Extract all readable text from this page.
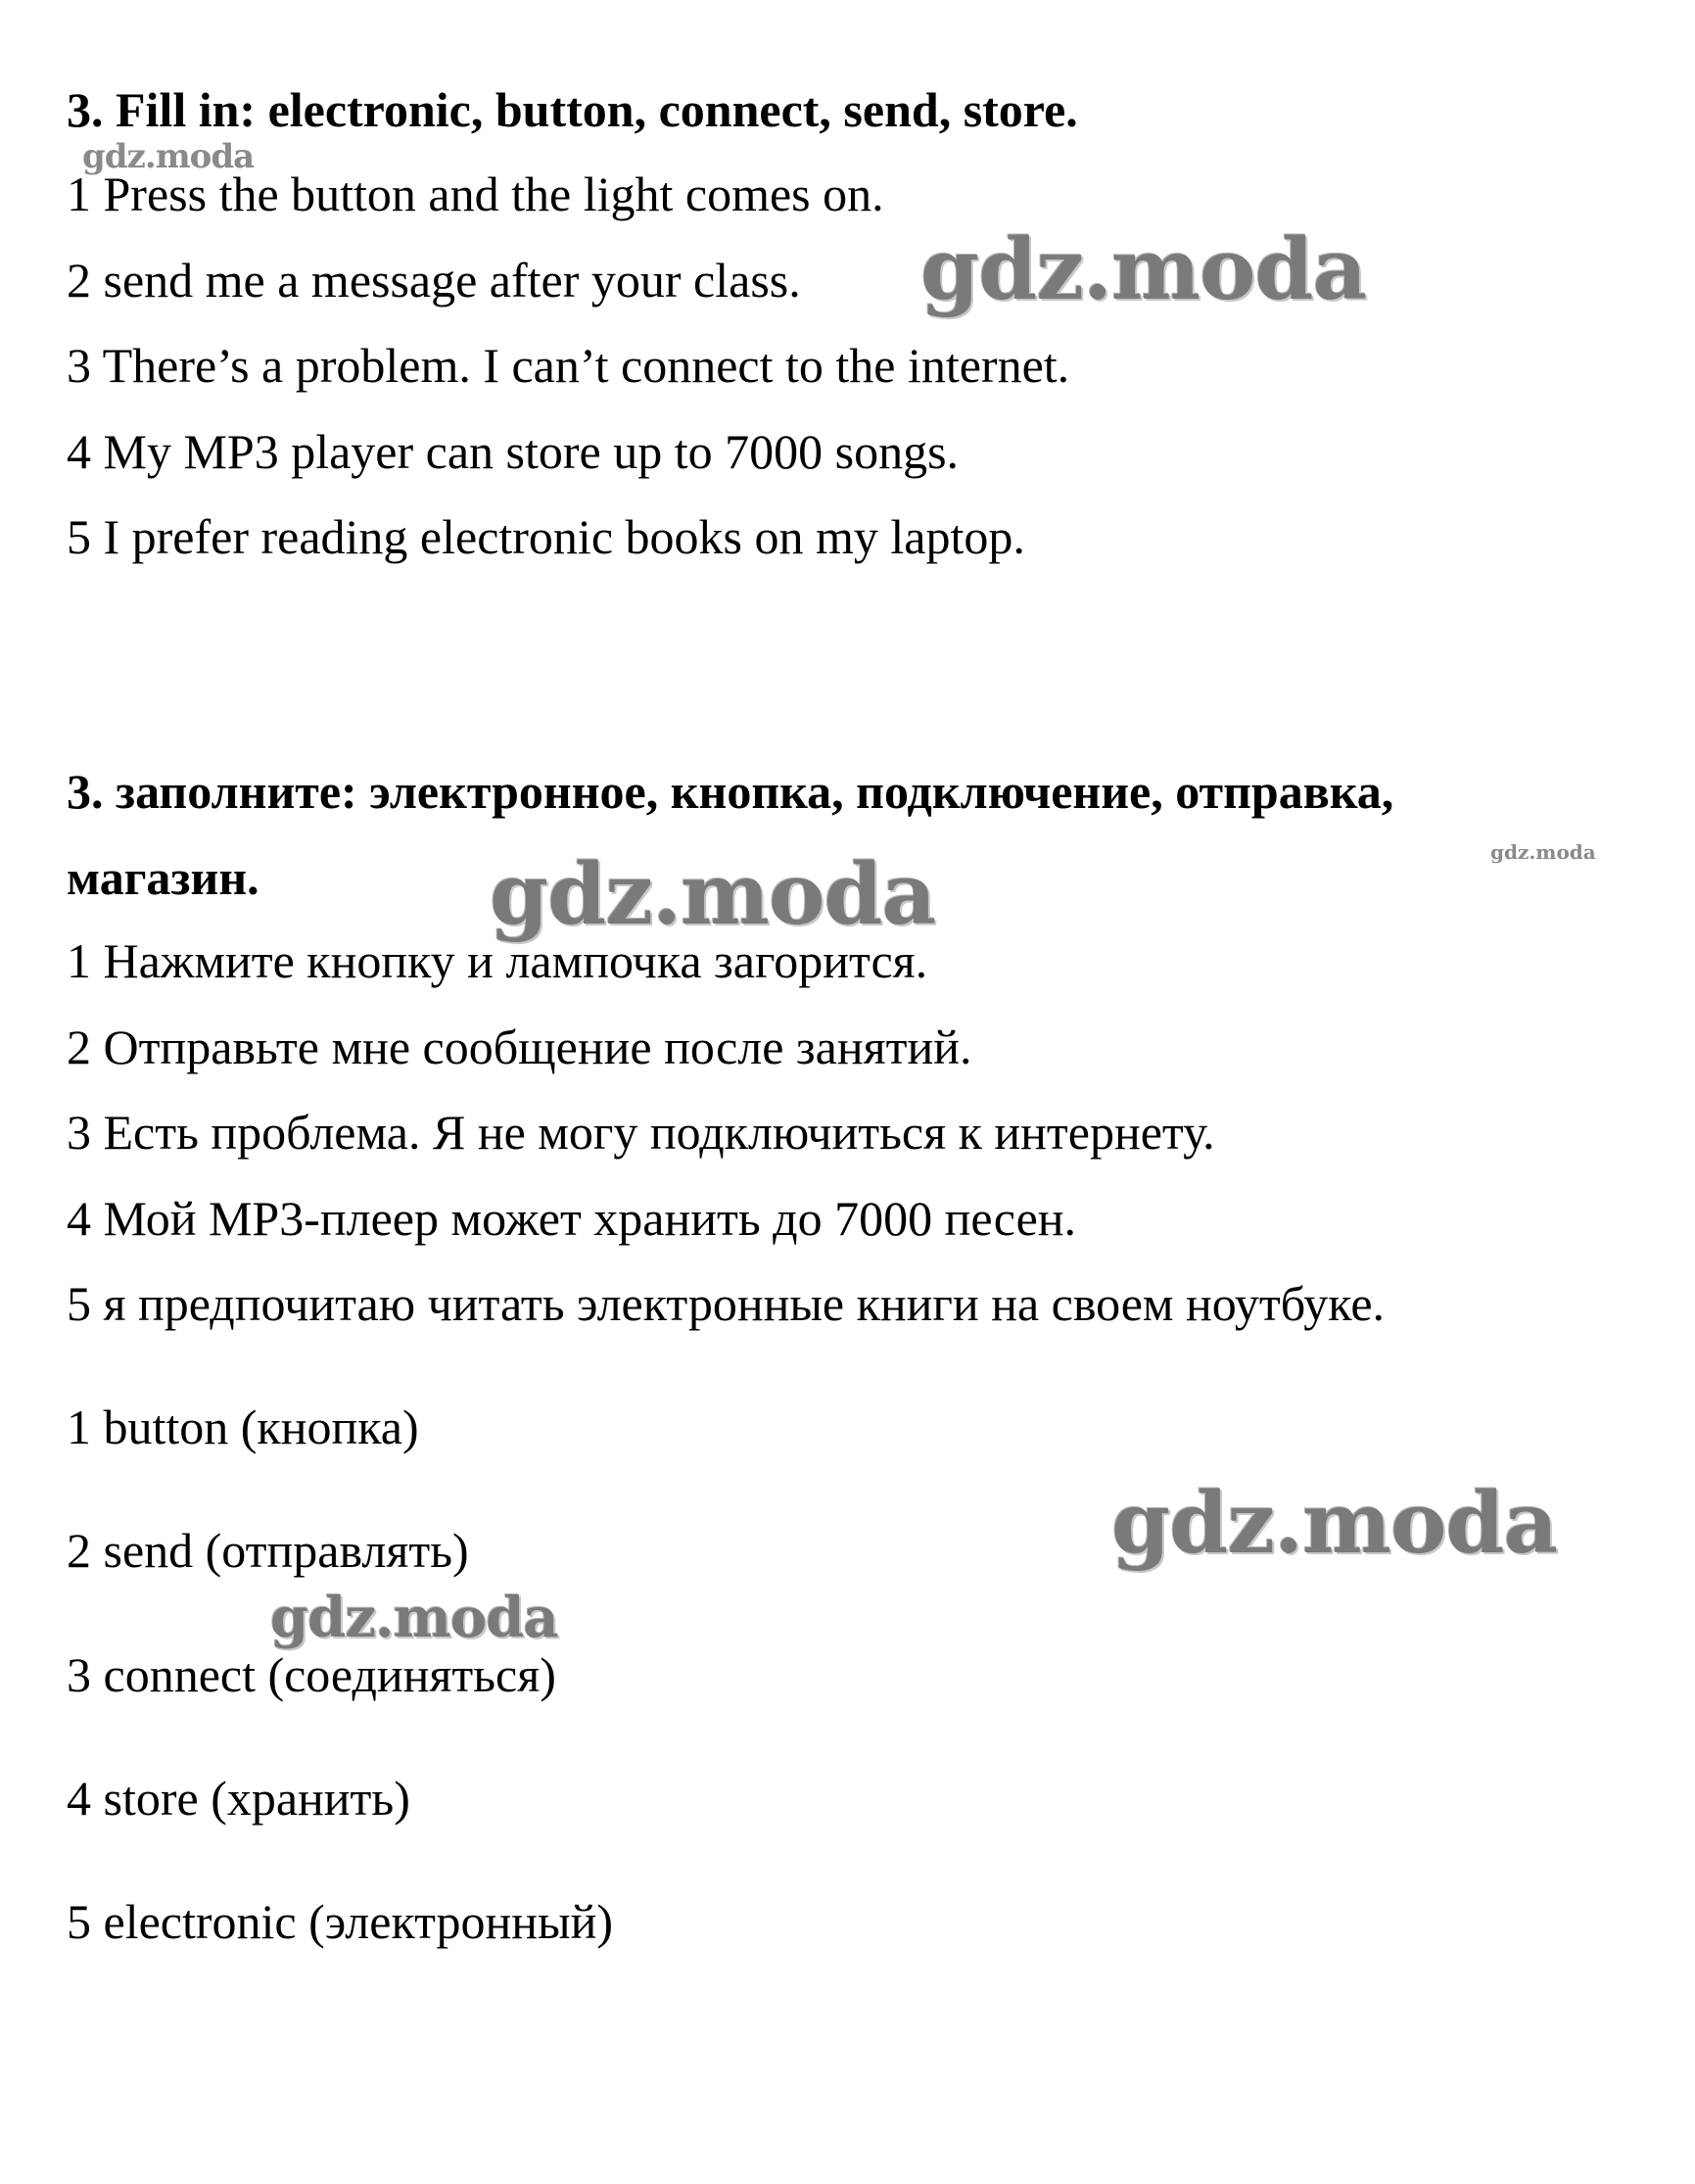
3. Fill in: electronic, button, connect, send, store.
1 Press the button and the light comes on.
2 send me a message after your class.
3 There’s a problem. I can’t connect to the internet.
4 My MP3 player can store up to 7000 songs.
5 I prefer reading electronic books on my laptop.
3. заполните: электронное, кнопка, подключение, отправка,
магазин.
1 Нажмите кнопку и лампочка загорится.
2 Отправьте мне сообщение после занятий.
3 Есть проблема. Я не могу подключиться к интернету.
4 Мой МР3-плеер может хранить до 7000 песен.
5 я предпочитаю читать электронные книги на своем ноутбуке.
1 button (кнопка)
2 send (отправлять)
3 connect (соединяться)
4 store (хранить)
5 electronic (электронный)
gdz.moda
gdz.moda
gdz.moda
gdz.moda
gdz.moda
gdz.moda
